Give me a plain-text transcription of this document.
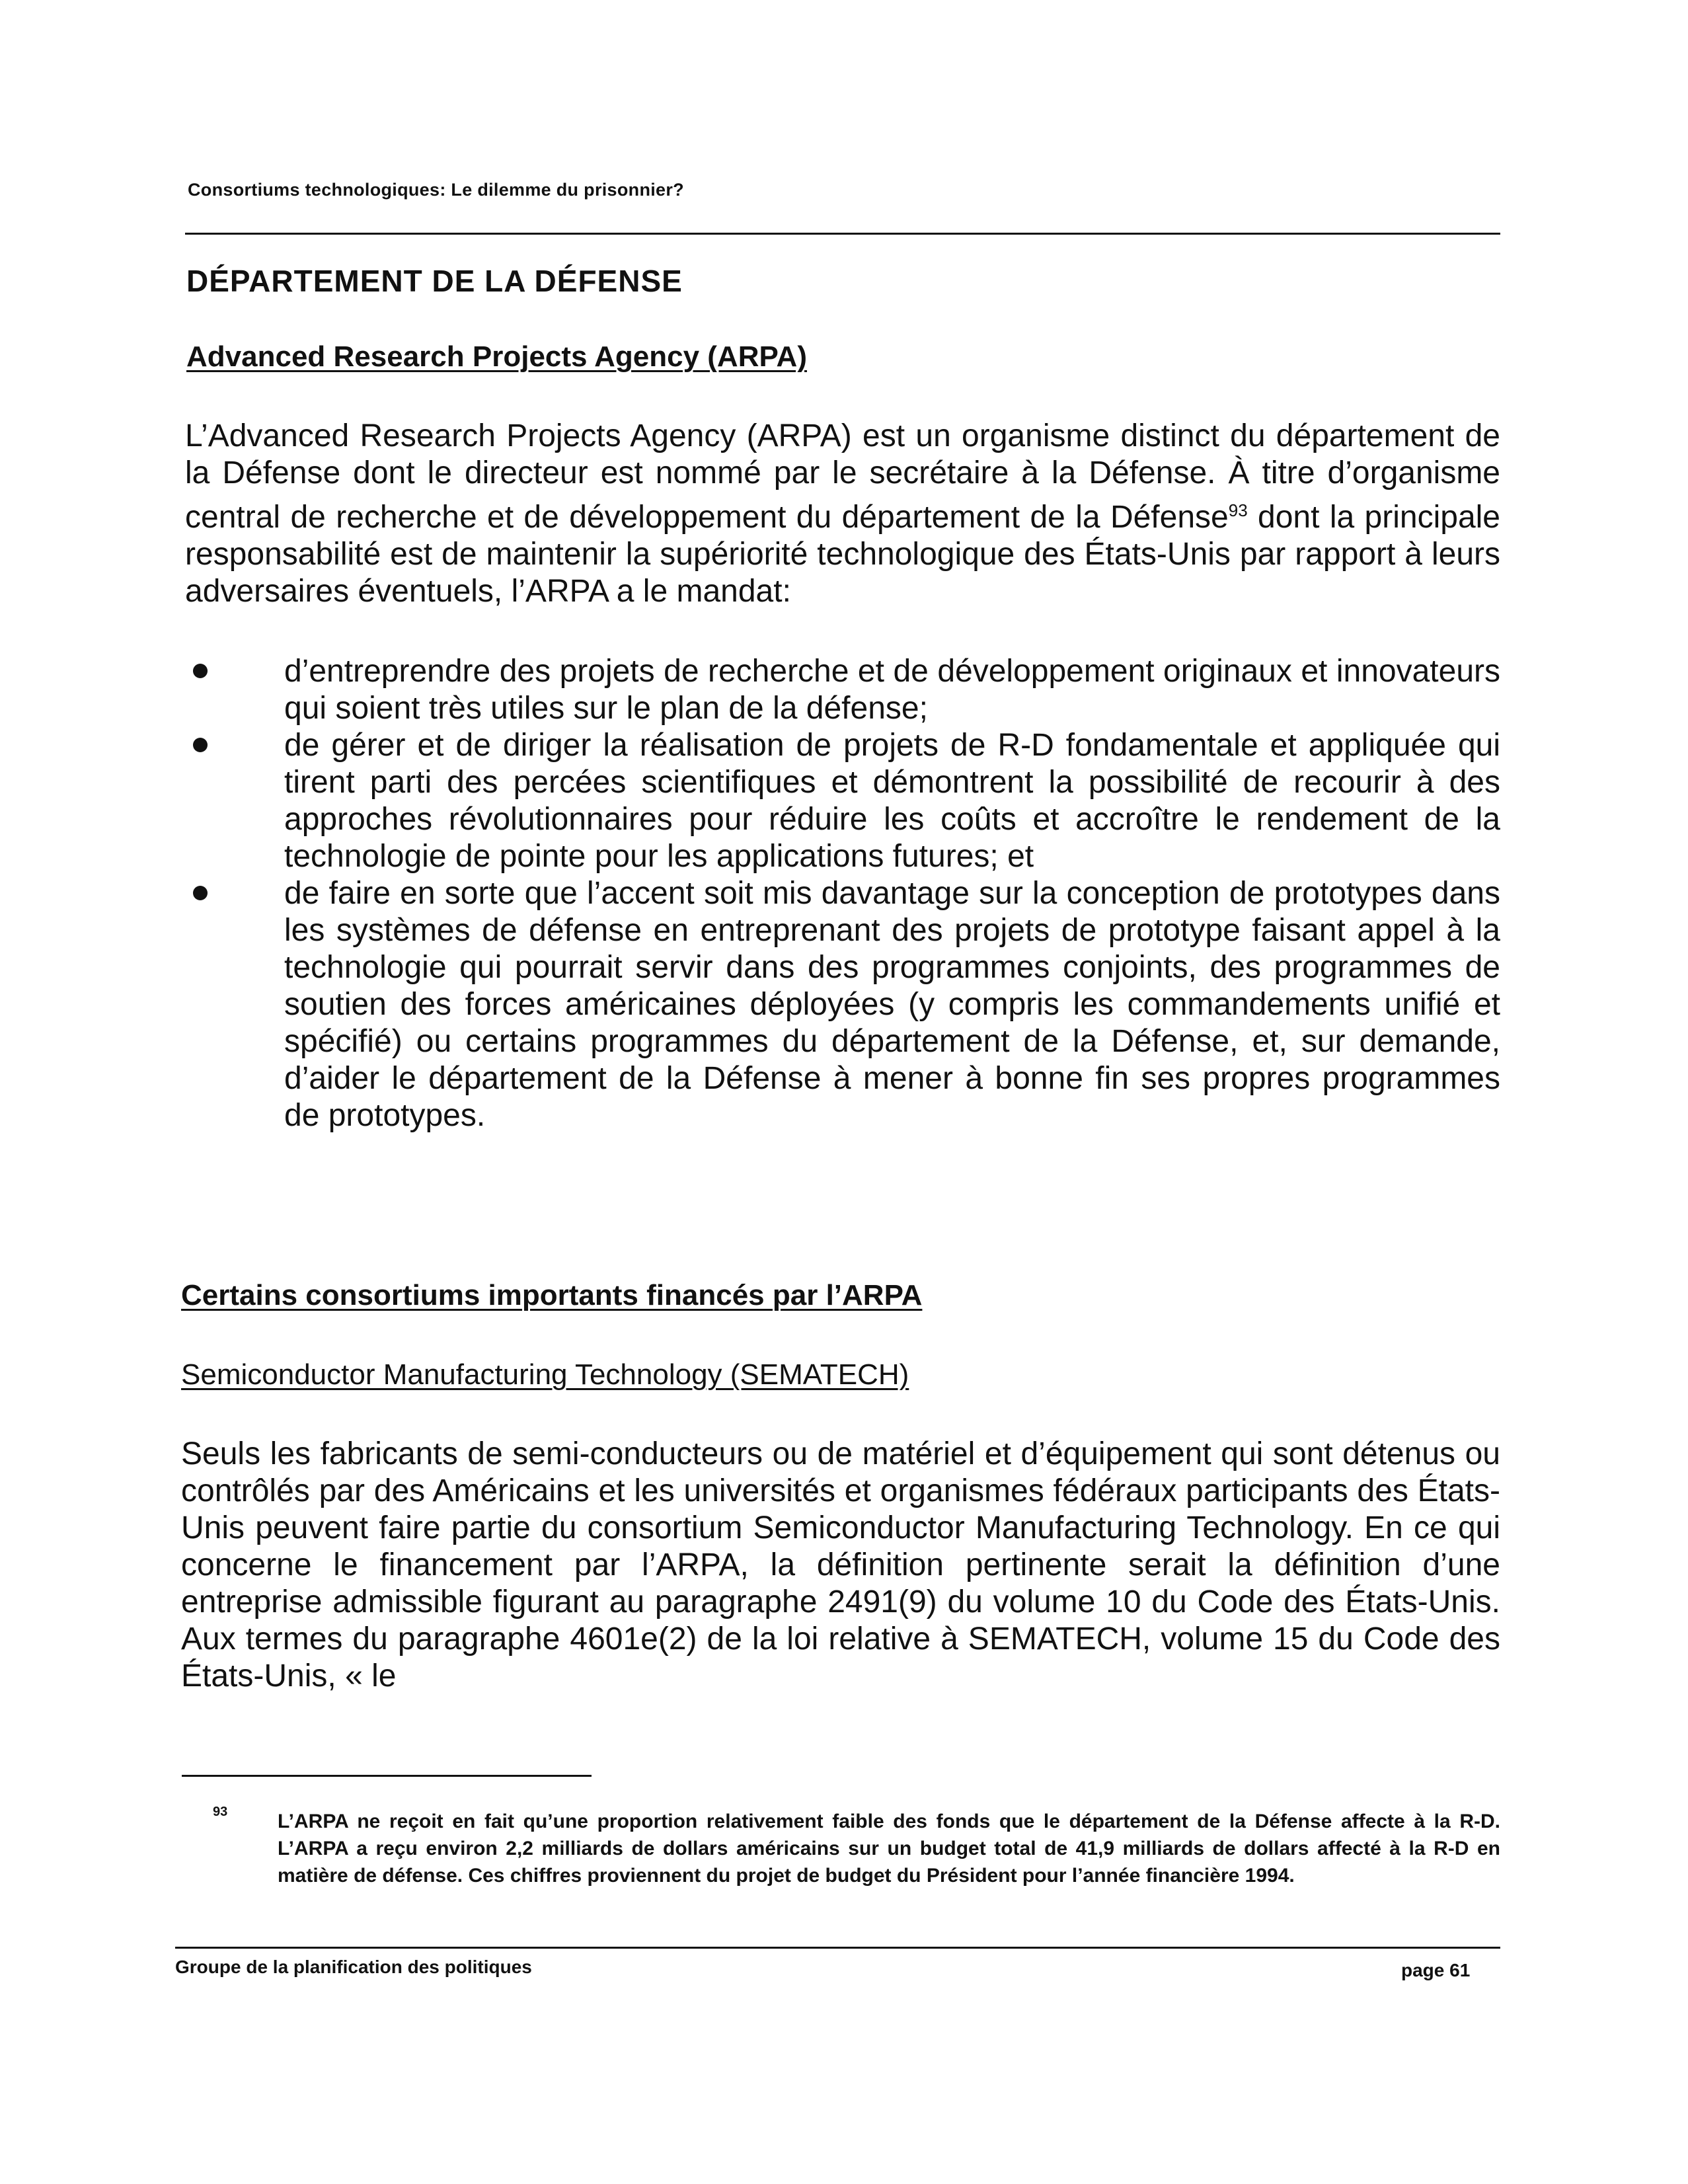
Consortiums technologiques: Le dilemme du prisonnier?
DÉPARTEMENT DE LA DÉFENSE
Advanced Research Projects Agency (ARPA)

L’Advanced Research Projects Agency (ARPA) est un organisme distinct du département de la Défense dont le directeur est nommé par le secrétaire à la Défense. À titre d’organisme central de recherche et de développement du département de la Défense$^{93}$ dont la principale responsabilité est de maintenir la supériorité technologique des États-Unis par rapport à leurs adversaires éventuels, l’ARPA a le mandat:

d’entreprendre des projets de recherche et de développement originaux et innovateurs qui soient très utiles sur le plan de la défense;
de gérer et de diriger la réalisation de projets de R-D fondamentale et appliquée qui tirent parti des percées scientifiques et démontrent la possibilité de recourir à des approches révolutionnaires pour réduire les coûts et accroître le rendement de la technologie de pointe pour les applications futures; et
de faire en sorte que l’accent soit mis davantage sur la conception de prototypes dans les systèmes de défense en entreprenant des projets de prototype faisant appel à la technologie qui pourrait servir dans des programmes conjoints, des programmes de soutien des forces américaines déployées (y compris les commandements unifié et spécifié) ou certains programmes du département de la Défense, et, sur demande, d’aider le département de la Défense à mener à bonne fin ses propres programmes de prototypes.
Certains consortiums importants financés par l’ARPA
Semiconductor Manufacturing Technology (SEMATECH)

Seuls les fabricants de semi-conducteurs ou de matériel et d’équipement qui sont détenus ou contrôlés par des Américains et les universités et organismes fédéraux participants des États-Unis peuvent faire partie du consortium Semiconductor Manufacturing Technology. En ce qui concerne le financement par l’ARPA, la définition pertinente serait la définition d’une entreprise admissible figurant au paragraphe 2491(9) du volume 10 du Code des États-Unis. Aux termes du paragraphe 4601e(2) de la loi relative à SEMATECH, volume 15 du Code des États-Unis, « le

93	L’ARPA ne reçoit en fait qu’une proportion relativement faible des fonds que le département de la Défense affecte à la R-D. L’ARPA a reçu environ 2,2 milliards de dollars américains sur un budget total de 41,9 milliards de dollars affecté à la R-D en matière de défense. Ces chiffres proviennent du projet de budget du Président pour l’année financière 1994.

Groupe de la planification des politiques	page 61
